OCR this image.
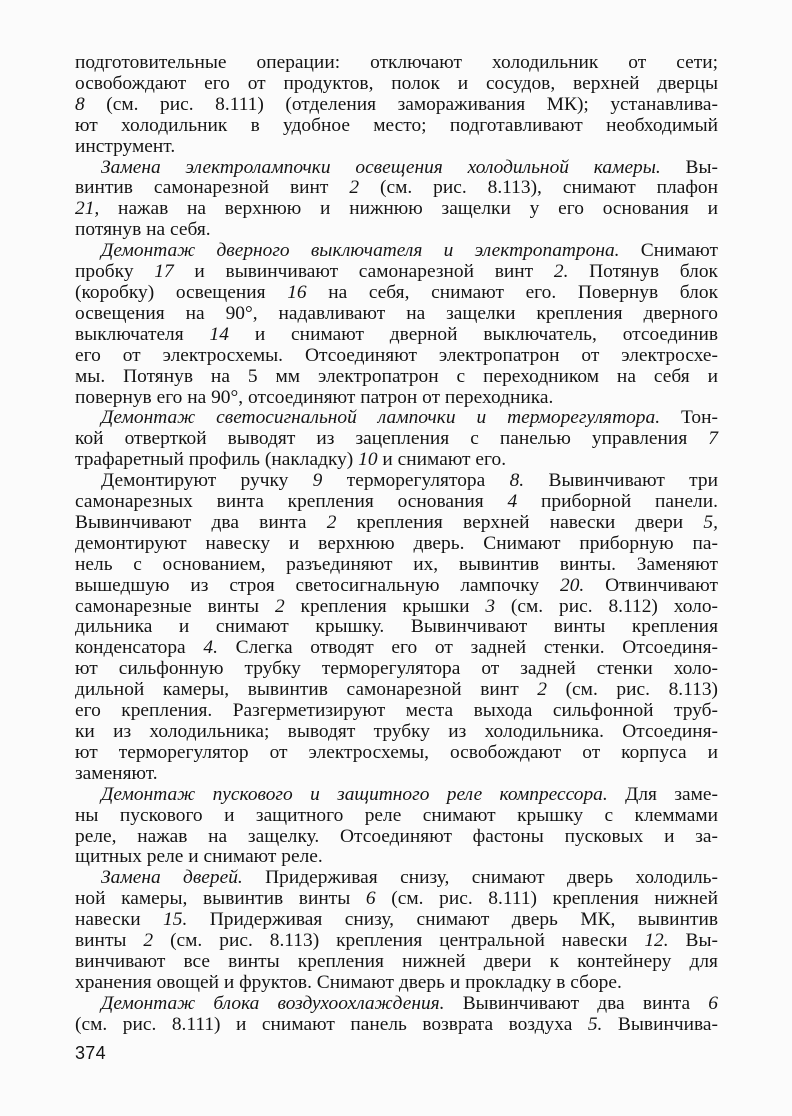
подготовительные операции: отключают холодильник от сети;
освобождают его от продуктов, полок и сосудов, верхней дверцы
8 (см. рис. 8.111) (отделения замораживания МК); устанавлива-
ют холодильник в удобное место; подготавливают необходимый
инструмент.
Замена электролампочки освещения холодильной камеры. Вы-
винтив самонарезной винт 2 (см. рис. 8.113), снимают плафон
21, нажав на верхнюю и нижнюю защелки у его основания и
потянув на себя.
Демонтаж дверного выключателя и электропатрона. Снимают
пробку 17 и вывинчивают самонарезной винт 2. Потянув блок
(коробку) освещения 16 на себя, снимают его. Повернув блок
освещения на 90°, надавливают на защелки крепления дверного
выключателя 14 и снимают дверной выключатель, отсоединив
его от электросхемы. Отсоединяют электропатрон от электросхе-
мы. Потянув на 5 мм электропатрон с переходником на себя и
повернув его на 90°, отсоединяют патрон от переходника.
Демонтаж светосигнальной лампочки и терморегулятора. Тон-
кой отверткой выводят из зацепления с панелью управления 7
трафаретный профиль (накладку) 10 и снимают его.
Демонтируют ручку 9 терморегулятора 8. Вывинчивают три
самонарезных винта крепления основания 4 приборной панели.
Вывинчивают два винта 2 крепления верхней навески двери 5,
демонтируют навеску и верхнюю дверь. Снимают приборную па-
нель с основанием, разъединяют их, вывинтив винты. Заменяют
вышедшую из строя светосигнальную лампочку 20. Отвинчивают
самонарезные винты 2 крепления крышки 3 (см. рис. 8.112) холо-
дильника и снимают крышку. Вывинчивают винты крепления
конденсатора 4. Слегка отводят его от задней стенки. Отсоединя-
ют сильфонную трубку терморегулятора от задней стенки холо-
дильной камеры, вывинтив самонарезной винт 2 (см. рис. 8.113)
его крепления. Разгерметизируют места выхода сильфонной труб-
ки из холодильника; выводят трубку из холодильника. Отсоединя-
ют терморегулятор от электросхемы, освобождают от корпуса и
заменяют.
Демонтаж пускового и защитного реле компрессора. Для заме-
ны пускового и защитного реле снимают крышку с клеммами
реле, нажав на защелку. Отсоединяют фастоны пусковых и за-
щитных реле и снимают реле.
Замена дверей. Придерживая снизу, снимают дверь холодиль-
ной камеры, вывинтив винты 6 (см. рис. 8.111) крепления нижней
навески 15. Придерживая снизу, снимают дверь МК, вывинтив
винты 2 (см. рис. 8.113) крепления центральной навески 12. Вы-
винчивают все винты крепления нижней двери к контейнеру для
хранения овощей и фруктов. Снимают дверь и прокладку в сборе.
Демонтаж блока воздухоохлаждения. Вывинчивают два винта 6
(см. рис. 8.111) и снимают панель возврата воздуха 5. Вывинчива-
374
